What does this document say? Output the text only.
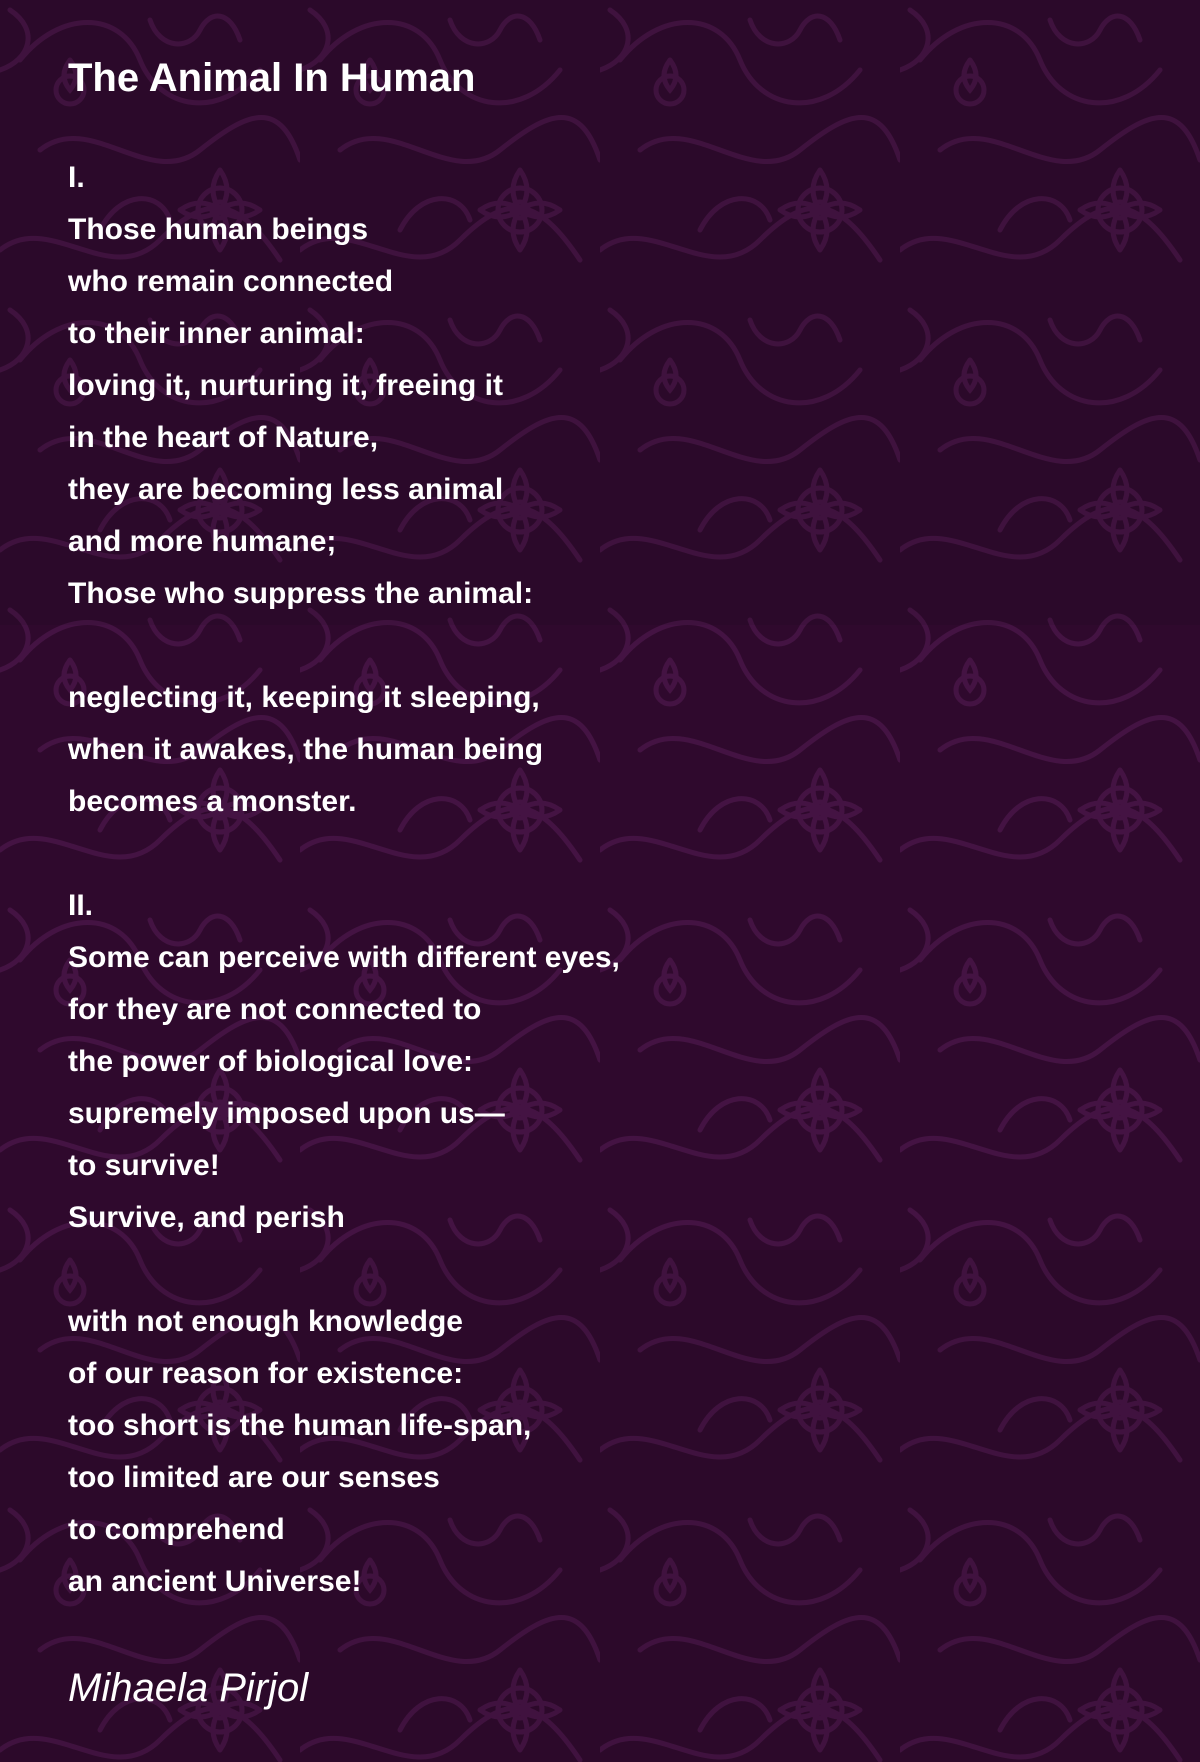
The Animal In Human
I.
Those human beings
who remain connected
to their inner animal:
loving it, nurturing it, freeing it
in the heart of Nature,
they are becoming less animal
and more humane;
Those who suppress the animal:
neglecting it, keeping it sleeping,
when it awakes, the human being
becomes a monster.
II.
Some can perceive with different eyes,
for they are not connected to
the power of biological love:
supremely imposed upon us—
to survive!
Survive, and perish
with not enough knowledge
of our reason for existence:
too short is the human life-span,
too limited are our senses
to comprehend
an ancient Universe!
Mihaela Pirjol
